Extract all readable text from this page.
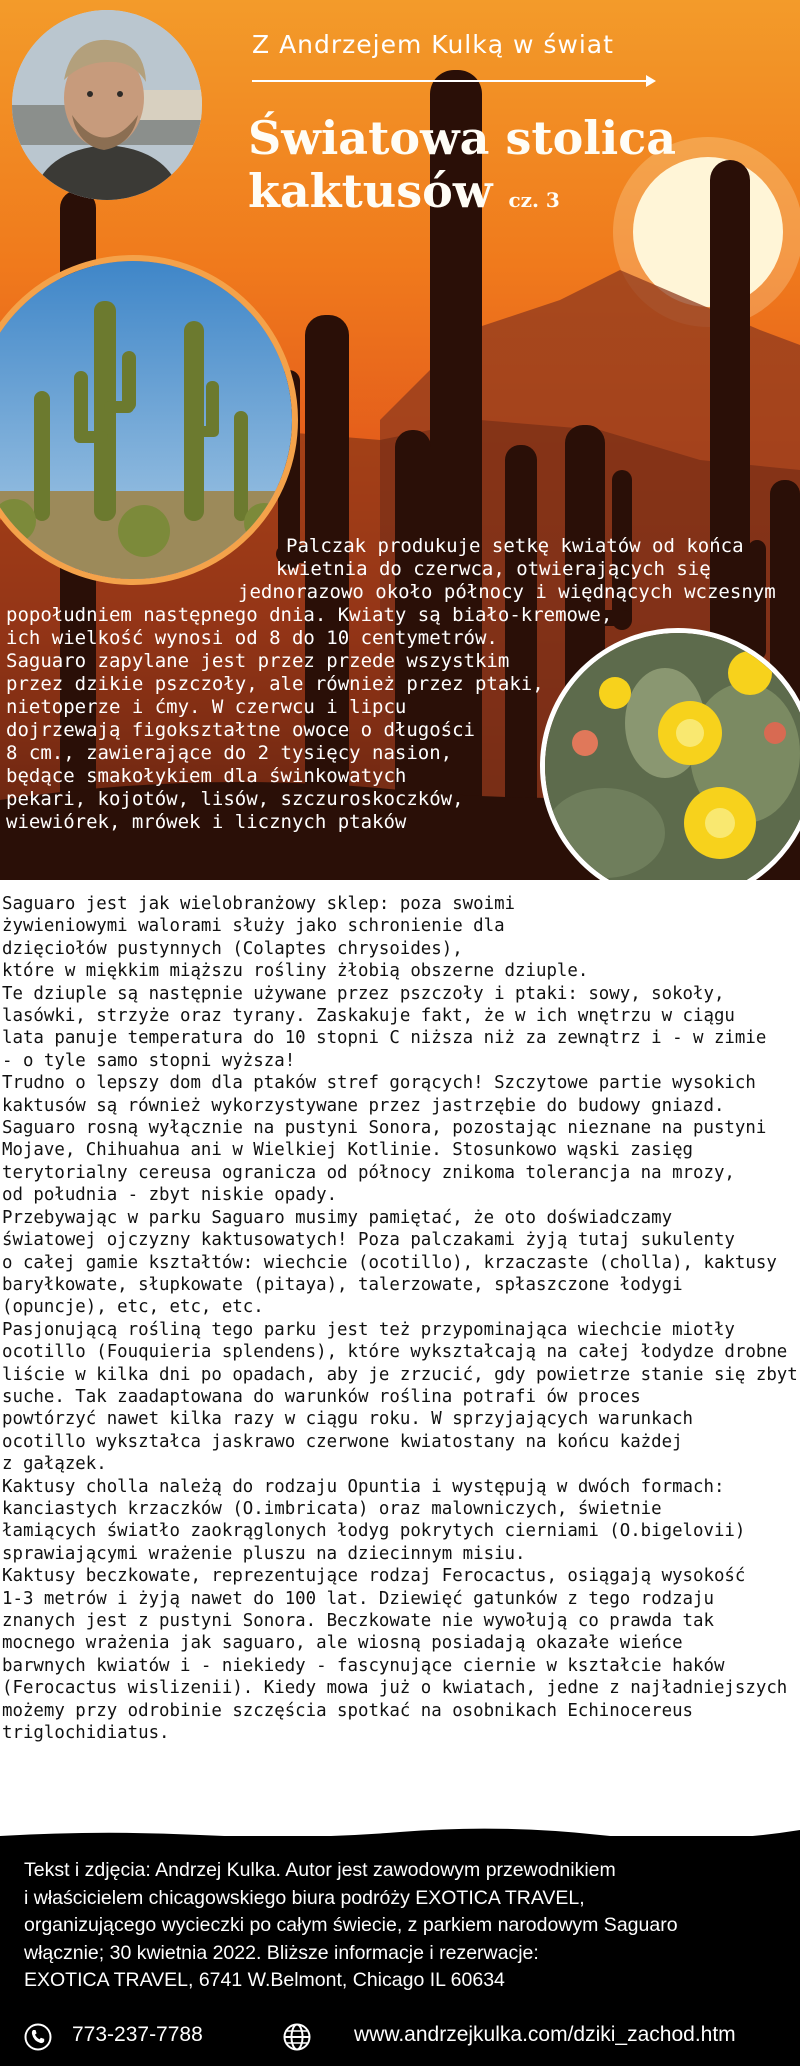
Z Andrzejem Kulką w świat
Światowa stolica
kaktusów cz. 3
Palczak produkuje setkę kwiatów od końca
kwietnia do czerwca, otwierających się
jednorazowo około północy i więdnących wczesnym
popołudniem następnego dnia. Kwiaty są biało-kremowe,
ich wielkość wynosi od 8 do 10 centymetrów.
Saguaro zapylane jest przez przede wszystkim
przez dzikie pszczoły, ale również przez ptaki,
nietoperze i ćmy. W czerwcu i lipcu
dojrzewają figokształtne owoce o długości
8 cm., zawierające do 2 tysięcy nasion,
będące smakołykiem dla świnkowatych
pekari, kojotów, lisów, szczuroskoczków,
wiewiórek, mrówek i licznych ptaków
Saguaro jest jak wielobranżowy sklep: poza swoimi
żywieniowymi walorami służy jako schronienie dla
dzięciołów pustynnych (Colaptes chrysoides),
które w miękkim miąższu rośliny żłobią obszerne dziuple.
Te dziuple są następnie używane przez pszczoły i ptaki: sowy, sokoły,
lasówki, strzyże oraz tyrany. Zaskakuje fakt, że w ich wnętrzu w ciągu
lata panuje temperatura do 10 stopni C niższa niż za zewnątrz i - w zimie
- o tyle samo stopni wyższa!
Trudno o lepszy dom dla ptaków stref gorących! Szczytowe partie wysokich
kaktusów są również wykorzystywane przez jastrzębie do budowy gniazd.
Saguaro rosną wyłącznie na pustyni Sonora, pozostając nieznane na pustyni
Mojave, Chihuahua ani w Wielkiej Kotlinie. Stosunkowo wąski zasięg
terytorialny cereusa ogranicza od północy znikoma tolerancja na mrozy,
od południa - zbyt niskie opady.
Przebywając w parku Saguaro musimy pamiętać, że oto doświadczamy
światowej ojczyzny kaktusowatych! Poza palczakami żyją tutaj sukulenty
o całej gamie kształtów: wiechcie (ocotillo), krzaczaste (cholla), kaktusy
baryłkowate, słupkowate (pitaya), talerzowate, spłaszczone łodygi
(opuncje), etc, etc, etc.
Pasjonującą rośliną tego parku jest też przypominająca wiechcie miotły
ocotillo (Fouquieria splendens), które wykształcają na całej łodydze drobne
liście w kilka dni po opadach, aby je zrzucić, gdy powietrze stanie się zbyt
suche. Tak zaadaptowana do warunków roślina potrafi ów proces
powtórzyć nawet kilka razy w ciągu roku. W sprzyjających warunkach
ocotillo wykształca jaskrawo czerwone kwiatostany na końcu każdej
z gałązek.
Kaktusy cholla należą do rodzaju Opuntia i występują w dwóch formach:
kanciastych krzaczków (O.imbricata) oraz malowniczych, świetnie
łamiących światło zaokrąglonych łodyg pokrytych cierniami (O.bigelovii)
sprawiającymi wrażenie pluszu na dziecinnym misiu.
Kaktusy beczkowate, reprezentujące rodzaj Ferocactus, osiągają wysokość
1-3 metrów i żyją nawet do 100 lat. Dziewięć gatunków z tego rodzaju
znanych jest z pustyni Sonora. Beczkowate nie wywołują co prawda tak
mocnego wrażenia jak saguaro, ale wiosną posiadają okazałe wieńce
barwnych kwiatów i - niekiedy - fascynujące ciernie w kształcie haków
(Ferocactus wislizenii). Kiedy mowa już o kwiatach, jedne z najładniejszych
możemy przy odrobinie szczęścia spotkać na osobnikach Echinocereus
triglochidiatus.
Tekst i zdjęcia: Andrzej Kulka. Autor jest zawodowym przewodnikiem
i właścicielem chicagowskiego biura podróży EXOTICA TRAVEL,
organizującego wycieczki po całym świecie, z parkiem narodowym Saguaro
włącznie; 30 kwietnia 2022. Bliższe informacje i rezerwacje:
EXOTICA TRAVEL, 6741 W.Belmont, Chicago IL 60634
773-237-7788	www.andrzejkulka.com/dziki_zachod.htm
